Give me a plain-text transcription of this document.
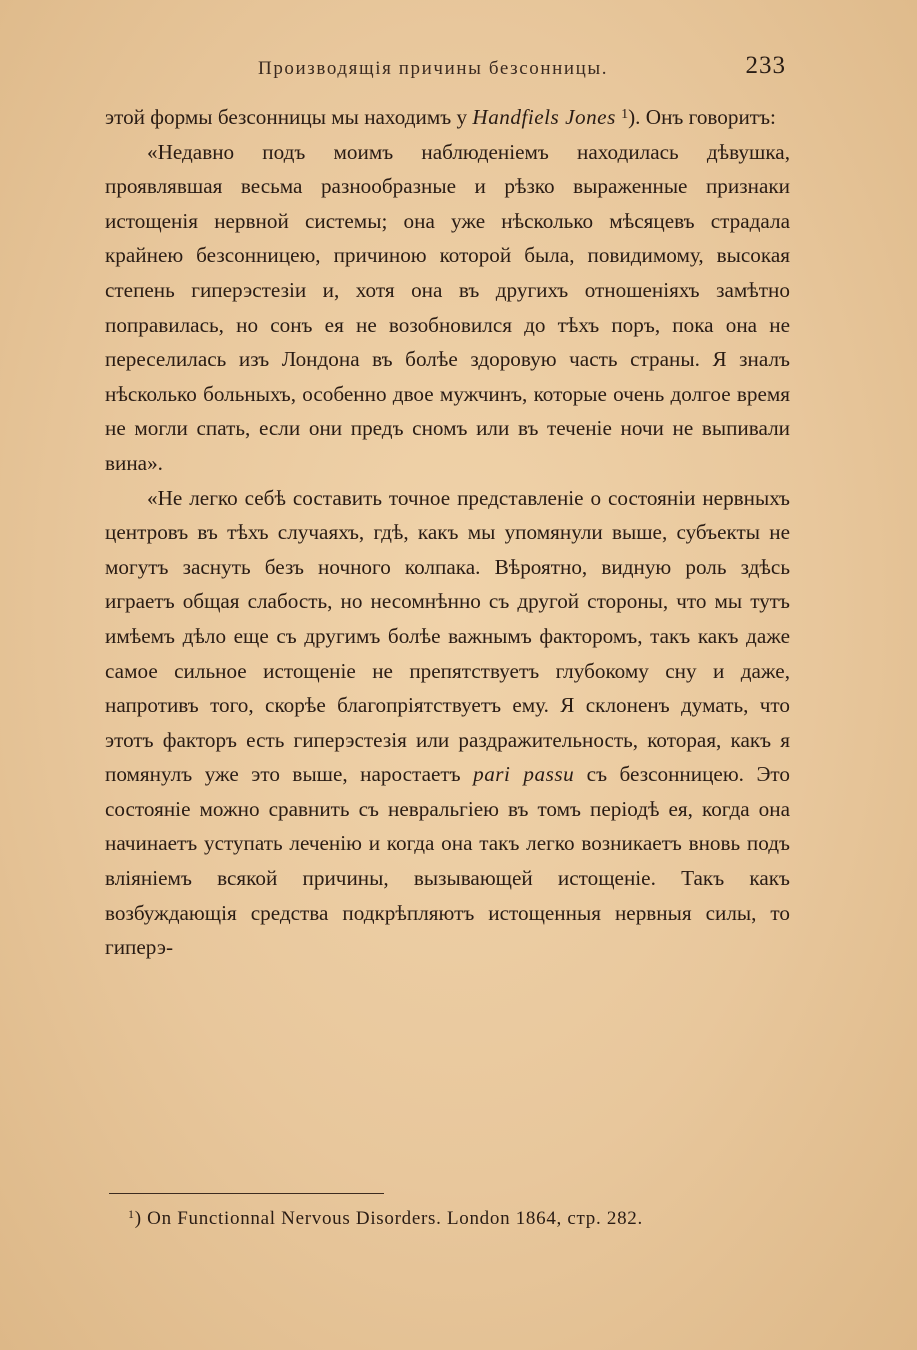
Производящія причины безсонницы.	233

этой формы безсонницы мы находимъ у Handfiels Jones $^1$). Онъ говоритъ:

«Недавно подъ моимъ наблюденіемъ находилась дѣвушка, проявлявшая весьма разнообразные и рѣзко выраженные признаки истощенія нервной системы; она уже нѣсколько мѣсяцевъ страдала крайнею безсонницею, причиною которой была, повидимому, высокая степень гиперэстезіи и, хотя она въ другихъ отношеніяхъ замѣтно поправилась, но сонъ ея не возобновился до тѣхъ поръ, пока она не переселилась изъ Лондона въ болѣе здоровую часть страны. Я зналъ нѣсколько больныхъ, особенно двое мужчинъ, которые очень долгое время не могли спать, если они предъ сномъ или въ теченіе ночи не выпивали вина».

«Не легко себѣ составить точное представленіе о состояніи нервныхъ центровъ въ тѣхъ случаяхъ, гдѣ, какъ мы упомянули выше, субъекты не могутъ заснуть безъ ночного колпака. Вѣроятно, видную роль здѣсь играетъ общая слабость, но несомнѣнно съ другой стороны, что мы тутъ имѣемъ дѣло еще съ другимъ болѣе важнымъ факторомъ, такъ какъ даже самое сильное истощеніе не препятствуетъ глубокому сну и даже, напротивъ того, скорѣе благопріятствуетъ ему. Я склоненъ думать, что этотъ факторъ есть гиперэстезія или раздражительность, которая, какъ я помянулъ уже это выше, наростаетъ pari passu съ безсонницею. Это состояніе можно сравнить съ невральгіею въ томъ періодѣ ея, когда она начинаетъ уступать леченію и когда она такъ легко возникаетъ вновь подъ вліяніемъ всякой причины, вызывающей истощеніе. Такъ какъ возбуждающія средства подкрѣпляютъ истощенныя нервныя силы, то гиперэ-

$^1$) On Functionnal Nervous Disorders. London 1864, стр. 282.
